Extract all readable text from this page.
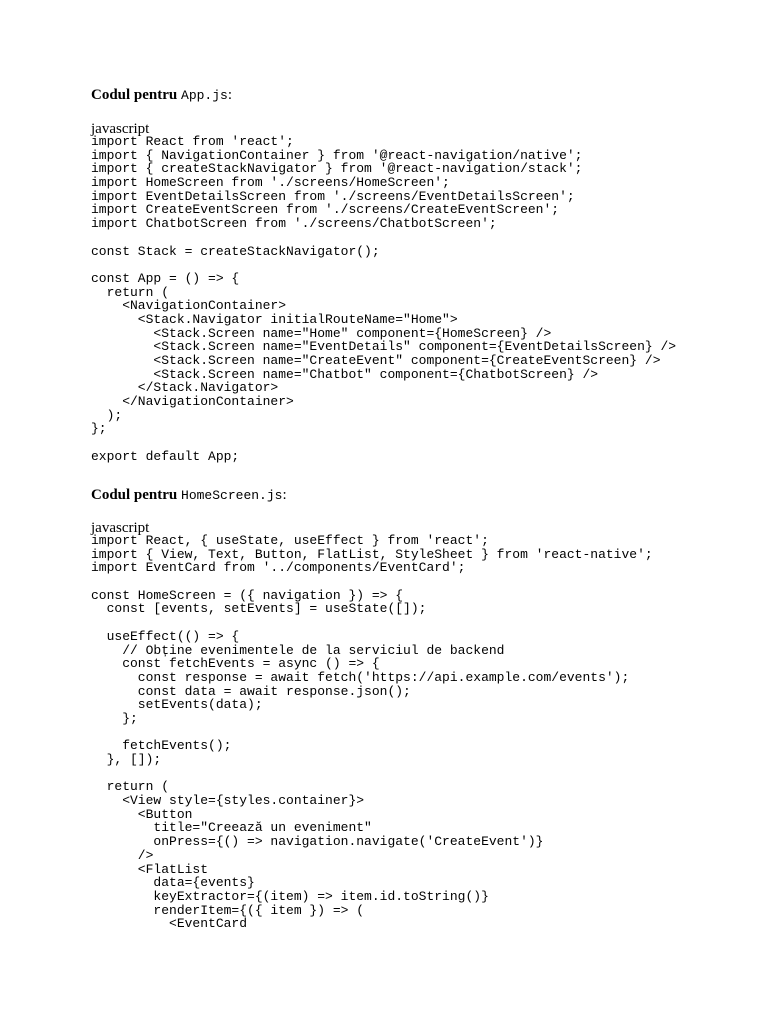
Codul pentru App.js:
javascript
import React from 'react';
import { NavigationContainer } from '@react-navigation/native';
import { createStackNavigator } from '@react-navigation/stack';
import HomeScreen from './screens/HomeScreen';
import EventDetailsScreen from './screens/EventDetailsScreen';
import CreateEventScreen from './screens/CreateEventScreen';
import ChatbotScreen from './screens/ChatbotScreen';
const Stack = createStackNavigator();
const App = () => {
return (
<NavigationContainer>
<Stack.Navigator initialRouteName="Home">
<Stack.Screen name="Home" component={HomeScreen} />
<Stack.Screen name="EventDetails" component={EventDetailsScreen} />
<Stack.Screen name="CreateEvent" component={CreateEventScreen} />
<Stack.Screen name="Chatbot" component={ChatbotScreen} />
</Stack.Navigator>
</NavigationContainer>
);
};
export default App;
Codul pentru HomeScreen.js:
javascript
import React, { useState, useEffect } from 'react';
import { View, Text, Button, FlatList, StyleSheet } from 'react-native';
import EventCard from '../components/EventCard';
const HomeScreen = ({ navigation }) => {
const [events, setEvents] = useState([]);
useEffect(() => {
// Obține evenimentele de la serviciul de backend
const fetchEvents = async () => {
const response = await fetch('https://api.example.com/events');
const data = await response.json();
setEvents(data);
};
fetchEvents();
}, []);
return (
<View style={styles.container}>
<Button
title="Creează un eveniment"
onPress={() => navigation.navigate('CreateEvent')}
/>
<FlatList
data={events}
keyExtractor={(item) => item.id.toString()}
renderItem={({ item }) => (
<EventCard
